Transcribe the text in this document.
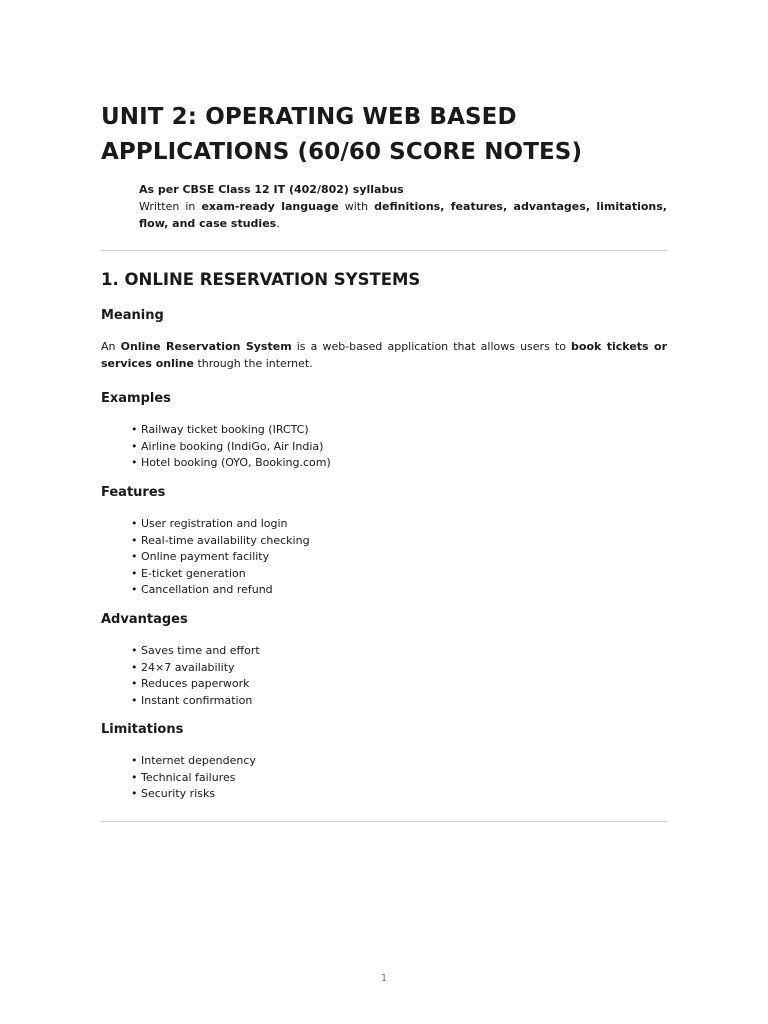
UNIT 2: OPERATING WEB BASED APPLICATIONS (60/60 SCORE NOTES)
As per CBSE Class 12 IT (402/802) syllabus
Written in exam-ready language with definitions, features, advantages, limitations, flow, and case studies.
1. ONLINE RESERVATION SYSTEMS
Meaning

An Online Reservation System is a web-based application that allows users to book tickets or services online through the internet.

Examples
• Railway ticket booking (IRCTC)
• Airline booking (IndiGo, Air India)
• Hotel booking (OYO, Booking.com)
Features
• User registration and login
• Real-time availability checking
• Online payment facility
• E-ticket generation
• Cancellation and refund
Advantages
• Saves time and effort
• 24×7 availability
• Reduces paperwork
• Instant confirmation
Limitations
• Internet dependency
• Technical failures
• Security risks
1
